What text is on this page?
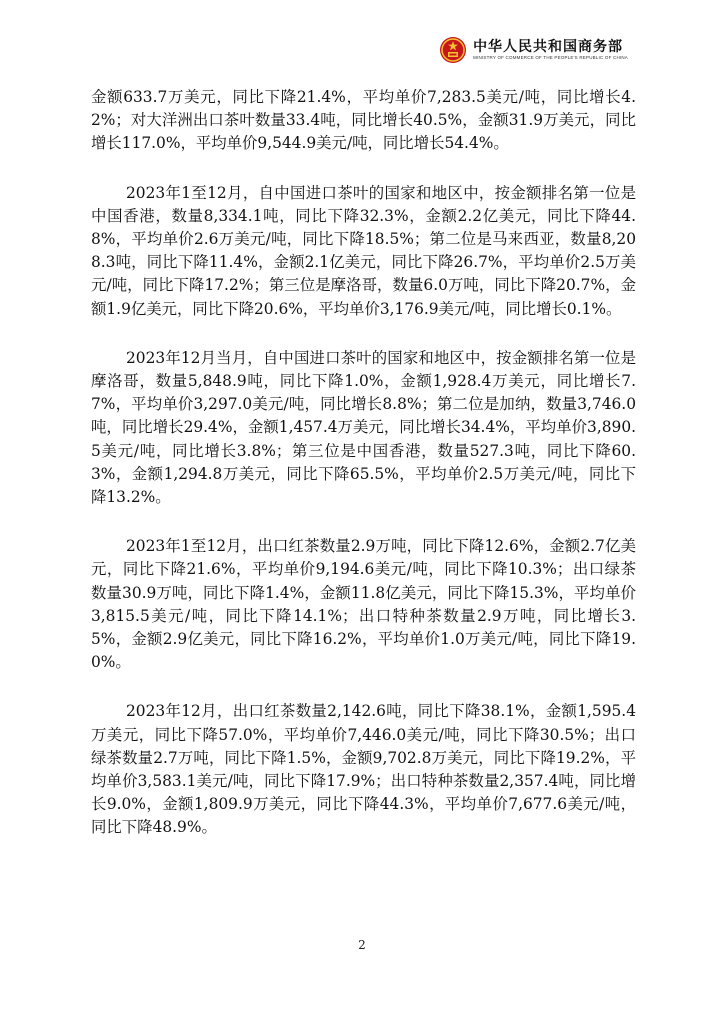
中华人民共和国商务部
MINISTRY OF COMMERCE OF THE PEOPLE'S REPUBLIC OF CHINA

金额633.7万美元，同比下降21.4%，平均单价7,283.5美元/吨，同比增长4.2%；对大洋洲出口茶叶数量33.4吨，同比增长40.5%，金额31.9万美元，同比增长117.0%，平均单价9,544.9美元/吨，同比增长54.4%。

2023年1至12月，自中国进口茶叶的国家和地区中，按金额排名第一位是中国香港，数量8,334.1吨，同比下降32.3%，金额2.2亿美元，同比下降44.8%，平均单价2.6万美元/吨，同比下降18.5%；第二位是马来西亚，数量8,208.3吨，同比下降11.4%，金额2.1亿美元，同比下降26.7%，平均单价2.5万美元/吨，同比下降17.2%；第三位是摩洛哥，数量6.0万吨，同比下降20.7%，金额1.9亿美元，同比下降20.6%，平均单价3,176.9美元/吨，同比增长0.1%。

2023年12月当月，自中国进口茶叶的国家和地区中，按金额排名第一位是摩洛哥，数量5,848.9吨，同比下降1.0%，金额1,928.4万美元，同比增长7.7%，平均单价3,297.0美元/吨，同比增长8.8%；第二位是加纳，数量3,746.0吨，同比增长29.4%，金额1,457.4万美元，同比增长34.4%，平均单价3,890.5美元/吨，同比增长3.8%；第三位是中国香港，数量527.3吨，同比下降60.3%，金额1,294.8万美元，同比下降65.5%，平均单价2.5万美元/吨，同比下降13.2%。

2023年1至12月，出口红茶数量2.9万吨，同比下降12.6%，金额2.7亿美元，同比下降21.6%，平均单价9,194.6美元/吨，同比下降10.3%；出口绿茶数量30.9万吨，同比下降1.4%，金额11.8亿美元，同比下降15.3%，平均单价3,815.5美元/吨，同比下降14.1%；出口特种茶数量2.9万吨，同比增长3.5%，金额2.9亿美元，同比下降16.2%，平均单价1.0万美元/吨，同比下降19.0%。

2023年12月，出口红茶数量2,142.6吨，同比下降38.1%，金额1,595.4万美元，同比下降57.0%，平均单价7,446.0美元/吨，同比下降30.5%；出口绿茶数量2.7万吨，同比下降1.5%，金额9,702.8万美元，同比下降19.2%，平均单价3,583.1美元/吨，同比下降17.9%；出口特种茶数量2,357.4吨，同比增长9.0%，金额1,809.9万美元，同比下降44.3%，平均单价7,677.6美元/吨，同比下降48.9%。

2
